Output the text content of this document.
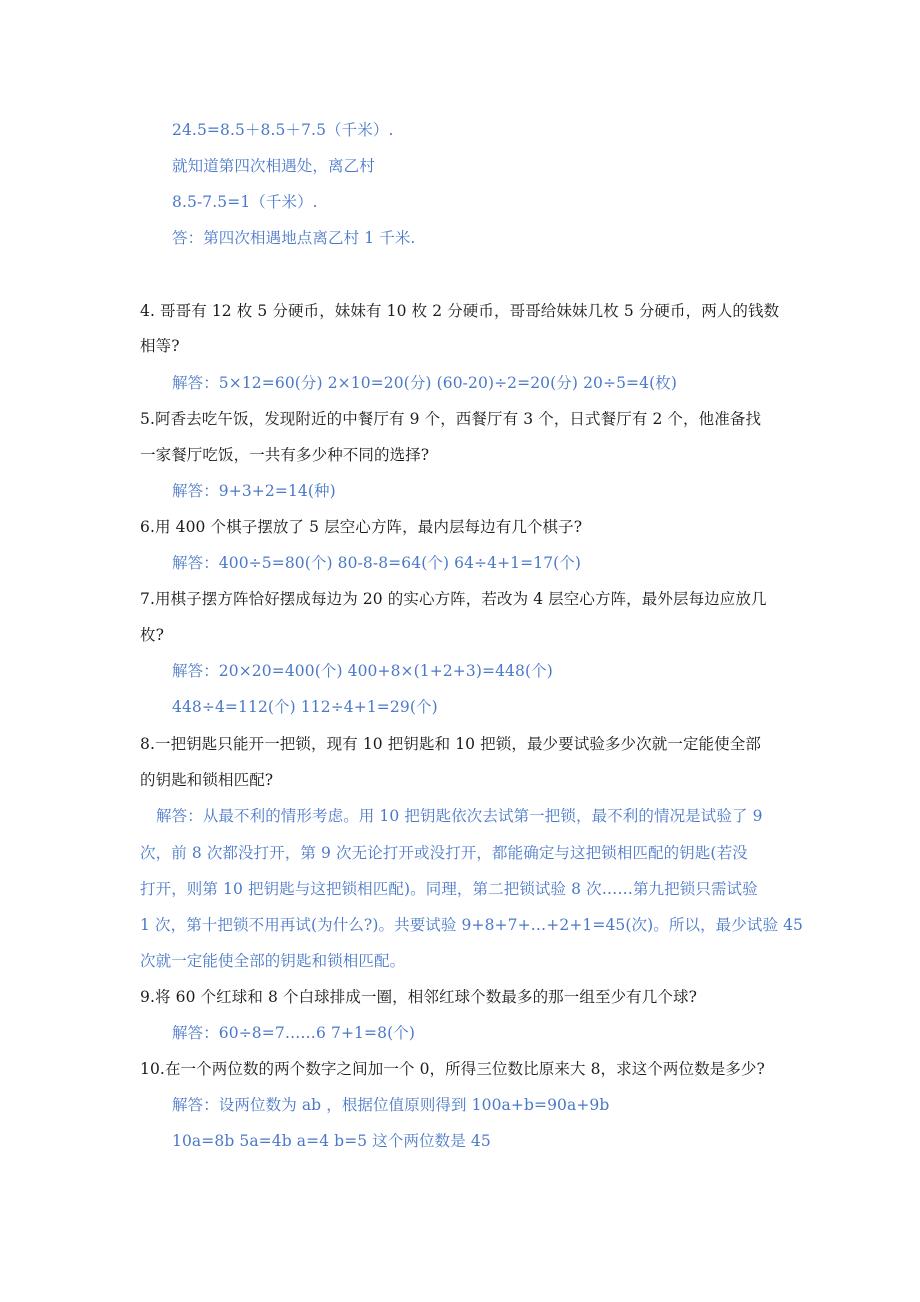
24.5=8.5＋8.5＋7.5（千米）.
就知道第四次相遇处，离乙村
8.5-7.5=1（千米）.
答：第四次相遇地点离乙村 1 千米.
4. 哥哥有 12 枚 5 分硬币，妹妹有 10 枚 2 分硬币，哥哥给妹妹几枚 5 分硬币，两人的钱数
相等?
解答：5×12=60(分) 2×10=20(分) (60-20)÷2=20(分) 20÷5=4(枚)
5.阿香去吃午饭，发现附近的中餐厅有 9 个，西餐厅有 3 个，日式餐厅有 2 个，他准备找
一家餐厅吃饭，一共有多少种不同的选择?
解答：9+3+2=14(种)
6.用 400 个棋子摆放了 5 层空心方阵，最内层每边有几个棋子?
解答：400÷5=80(个) 80-8-8=64(个) 64÷4+1=17(个)
7.用棋子摆方阵恰好摆成每边为 20 的实心方阵，若改为 4 层空心方阵，最外层每边应放几
枚?
解答：20×20=400(个) 400+8×(1+2+3)=448(个)
448÷4=112(个) 112÷4+1=29(个)
8.一把钥匙只能开一把锁，现有 10 把钥匙和 10 把锁，最少要试验多少次就一定能使全部
的钥匙和锁相匹配?
解答：从最不利的情形考虑。用 10 把钥匙依次去试第一把锁，最不利的情况是试验了 9
次，前 8 次都没打开，第 9 次无论打开或没打开，都能确定与这把锁相匹配的钥匙(若没
打开，则第 10 把钥匙与这把锁相匹配)。同理，第二把锁试验 8 次……第九把锁只需试验
1 次，第十把锁不用再试(为什么?)。共要试验 9+8+7+…+2+1=45(次)。所以，最少试验 45
次就一定能使全部的钥匙和锁相匹配。
9.将 60 个红球和 8 个白球排成一圈，相邻红球个数最多的那一组至少有几个球?
解答：60÷8=7……6 7+1=8(个)
10.在一个两位数的两个数字之间加一个 0，所得三位数比原来大 8，求这个两位数是多少?
解答：设两位数为 ab ，根据位值原则得到 100a+b=90a+9b
10a=8b 5a=4b a=4 b=5 这个两位数是 45
